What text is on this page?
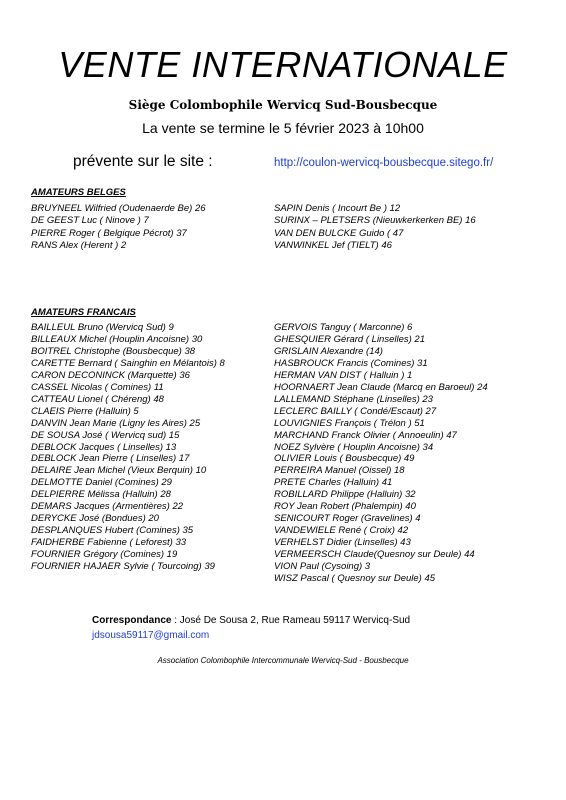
VENTE INTERNATIONALE
Siège Colombophile Wervicq Sud-Bousbecque
La vente se termine le 5 février 2023 à 10h00
prévente sur le site :	http://coulon-wervicq-bousbecque.sitego.fr/
AMATEURS BELGES
BRUYNEEL Wilfried (Oudenaerde Be) 26
DE GEEST Luc ( Ninove ) 7
PIERRE Roger ( Belgique Pécrot) 37
RANS Alex (Herent ) 2
SAPIN Denis ( Incourt Be ) 12
SURINX – PLETSERS (Nieuwkerkerken BE) 16
VAN DEN BULCKE Guido ( 47
VANWINKEL Jef (TIELT) 46
AMATEURS FRANCAIS
BAILLEUL Bruno (Wervicq Sud) 9
BILLEAUX Michel (Houplin Ancoisne) 30
BOITREL Christophe (Bousbecque) 38
CARETTE Bernard ( Sainghin en Mélantois) 8
CARON DECONINCK (Marquette) 36
CASSEL Nicolas ( Comines) 11
CATTEAU Lionel ( Chéreng) 48
CLAEIS Pierre (Halluin) 5
DANVIN Jean Marie (Ligny les Aires) 25
DE SOUSA José ( Wervicq sud) 15
DEBLOCK Jacques ( Linselles) 13
DEBLOCK Jean Pierre ( Linselles) 17
DELAIRE Jean Michel (Vieux Berquin) 10
DELMOTTE Daniel (Comines) 29
DELPIERRE Mélissa (Halluin) 28
DEMARS Jacques (Armentières) 22
DERYCKE José (Bondues) 20
DESPLANQUES Hubert (Comines) 35
FAIDHERBE Fabienne ( Leforest) 33
FOURNIER Grégory (Comines) 19
FOURNIER HAJAER Sylvie ( Tourcoing) 39
GERVOIS Tanguy ( Marconne) 6
GHESQUIER Gérard ( Linselles) 21
GRISLAIN Alexandre (14)
HASBROUCK Francis (Comines) 31
HERMAN VAN DIST ( Halluin ) 1
HOORNAERT Jean Claude (Marcq en Baroeul) 24
LALLEMAND Stéphane (Linselles) 23
LECLERC BAILLY ( Condé/Escaut) 27
LOUVIGNIES François ( Trélon ) 51
MARCHAND Franck Olivier ( Annoeulin) 47
NOEZ Sylvère ( Houplin Ancoisne) 34
OLIVIER Louis ( Bousbecque) 49
PERREIRA Manuel (Oissel) 18
PRETE Charles (Halluin) 41
ROBILLARD Philippe (Halluin) 32
ROY Jean Robert (Phalempin) 40
SENICOURT Roger (Gravelines) 4
VANDEWIELE René ( Croix) 42
VERHELST Didier (Linselles) 43
VERMEERSCH Claude(Quesnoy sur Deule) 44
VION Paul (Cysoing) 3
WISZ Pascal ( Quesnoy sur Deule) 45
Correspondance : José De Sousa 2, Rue Rameau 59117 Wervicq-Sud
jdsousa59117@gmail.com
Association Colombophile Intercommunale Wervicq-Sud - Bousbecque
